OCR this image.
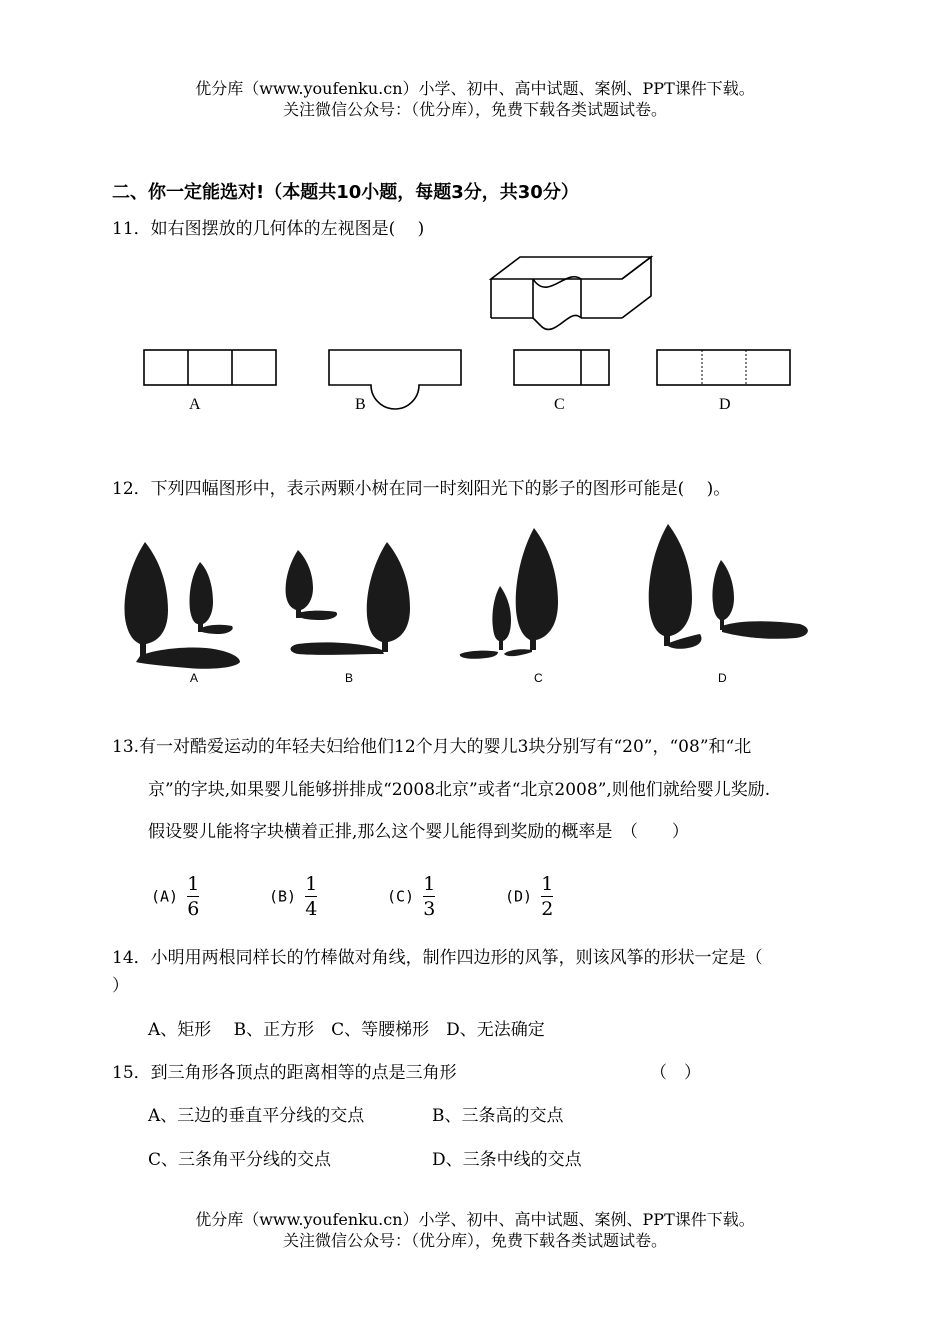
优分库（www.youfenku.cn）小学、初中、高中试题、案例、PPT课件下载。
关注微信公众号：（优分库），免费下载各类试题试卷。
二、你一定能选对!（本题共10小题，每题3分，共30分）
11．如右图摆放的几何体的左视图是(　 )
A	B	C	D
12．下列四幅图形中，表示两颗小树在同一时刻阳光下的影子的图形可能是(　 )。
A	B	C	D
13.有一对酷爱运动的年轻夫妇给他们12个月大的婴儿3块分别写有“20”，“08”和“北
京”的字块,如果婴儿能够拼排成“2008北京”或者“北京2008”,则他们就给婴儿奖励.
假设婴儿能将字块横着正排,那么这个婴儿能得到奖励的概率是　（　　）
$(A) \frac{1}{6}$	$(B) \frac{1}{4}$	$(C) \frac{1}{3}$	$(D) \frac{1}{2}$
14．小明用两根同样长的竹棒做对角线，制作四边形的风筝，则该风筝的形状一定是（
）
A、矩形　 B、正方形　C、等腰梯形　D、无法确定
15．到三角形各顶点的距离相等的点是三角形	（　）
A、三边的垂直平分线的交点	B、三条高的交点
C、三条角平分线的交点	D、三条中线的交点
优分库（www.youfenku.cn）小学、初中、高中试题、案例、PPT课件下载。
关注微信公众号：（优分库），免费下载各类试题试卷。
